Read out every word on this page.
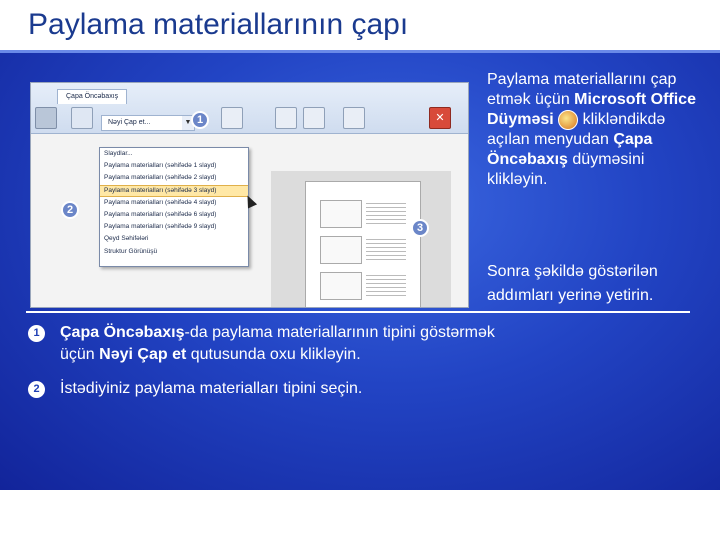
Paylama materiallarının çapı
Çapa Öncəbaxış
Nəyi Çap et...	▼	✕
Slaydlar...
Paylama materialları (səhifədə 1 slayd)
Paylama materialları (səhifədə 2 slayd)
Paylama materialları (səhifədə 3 slayd)
Paylama materialları (səhifədə 4 slayd)
Paylama materialları (səhifədə 6 slayd)
Paylama materialları (səhifədə 9 slayd)
Qeyd Səhifələri
Struktur Görünüşü
1
2
3
Paylama materiallarını çap etmək üçün Microsoft Office Düyməsi klikləndikdə açılan menyudan Çapa Öncəbaxış düyməsini klikləyin.
Sonra şəkildə göstərilən addımları yerinə yetirin.
1	Çapa Öncəbaxış-da paylama materiallarının tipini göstərmək üçün Nəyi Çap et qutusunda oxu klikləyin.
2	İstədiyiniz paylama materialları tipini seçin.
